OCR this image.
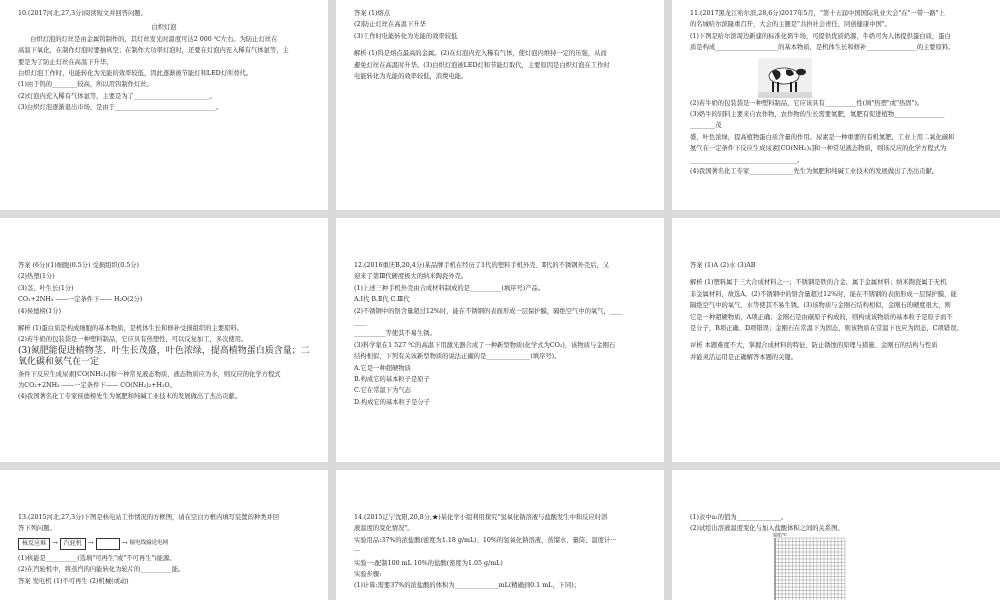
10.(2017河北,27,3分)阅读短文并回答问题。

白炽灯泡

白炽灯泡的灯丝是由金属钨制作的，其灯丝发光时温度可达2 000 ℃左右。为防止灯丝在

高温下氧化，在制作灯泡时要抽真空；在制作大功率灯泡时，还要在灯泡内充入稀有气体氩等，主

要是为了防止灯丝在高温下升华。

白炽灯泡工作时，电能转化为光能的效率较低，因此逐渐被节能灯和LED灯所替代。

(1)由于钨的________较高，所以用钨制作灯丝。

(2)灯泡内充入稀有气体氩等，主要是为了________________________。

(3)白炽灯泡逐渐退出市场，是由于________________________________。

答案 (1)熔点

(2)防止灯丝在高温下升华

(3)工作时电能转化为光能的效率较低

解析 (1)钨是熔点最高的金属。(2)在灯泡内充入稀有气体，使灯泡内维持一定的压强，从而

避免灯丝在高温时升华。(3)白炽灯泡被LED灯和节能灯取代，主要原因是白炽灯泡在工作时

电能转化为光能的效率较低，浪费电能。

11.(2017黑龙江哈尔滨,28,6分)2017年5月，"第十五届中国国际乳业大会"在"一带一路"上

的名城哈尔滨隆重召开，大会的主题是"共担社会责任，同创健康中国"。

(1)下图是哈尔滨周边新建的标准化奶牛场，可提供优质奶源，牛奶可为人体提供蛋白质，蛋白

质是构成____________________的基本物质，是机体生长和修补________________的主要原料。

(2)若牛奶的包装袋是一种塑料制品，它应该具有__________性(填"热塑"或"热固")。

(3)奶牛的饲料主要来自农作物，农作物的生长需要氮肥，氮肥有促进植物________________

________茂

盛，叶色浓绿，提高植物蛋白质含量的作用。尿素是一种重要的有机氮肥，工业上用二氧化碳和

氨气在一定条件下反应生成尿素[CO(NH₂)₂]和一种常见液态物质，则该反应的化学方程式为

__________________________________。

(4)我国著名化工专家______________先生为氮肥和纯碱工业技术的发展做出了杰出贡献。

答案 (6分)(1)细胞(0.5分) 受损组织(0.5分)

(2)热塑(1分)

(3)茎、叶生长(1分)

CO₂+2NH₃ ——一定条件下—— H₂O(2分)

(4)侯德榜(1分)

解析 (1)蛋白质是构成细胞的基本物质，是机体生长和修补受损组织的主要原料。

(2)若牛奶的包装袋是一种塑料制品，它应具有热塑性，可以反复加工，多次使用。

(3)氮肥能促进植物茎、叶生长茂盛，叶色浓绿，提高植物蛋白质含量；二氧化碳和氨气在一定

条件下反应生成尿素[CO(NH₂)₂]和一种常见液态物质，液态物质应为水，则反应的化学方程式

为CO₂+2NH₃ ——一定条件下—— CO(NH₂)₂+H₂O。

(4)我国著名化工专家侯德榜先生为氮肥和纯碱工业技术的发展做出了杰出贡献。

12.(2016重庆B,20,4分)某品牌手机在经历了1代的塑料手机外壳、Ⅱ代的不锈钢外壳后，又

迎来了第Ⅲ代硬度极大的纳米陶瓷外壳。

(1)上述三种手机外壳由合成材料制成的是__________(填序号)产品。

A.Ⅰ代 B.Ⅱ代 C.Ⅲ代

(2)不锈钢中的铬含量超过12%时，能在不锈钢的表面形成一层保护膜，隔绝空气中的氧气，____

____

__________等使其不易生锈。

(3)科学家在1 527 ℃的高温下用激光器合成了一种新型物质(化学式为CO₂)，该物质与金刚石

结构相似，下列有关该新型物质的说法正确的是______________(填序号)。

A.它是一种超硬物质

B.构成它的基本粒子是原子

C.它在常温下为气态

D.构成它的基本粒子是分子

答案 (1)A (2)水 (3)AB

解析 (1)塑料属于三大合成材料之一；不锈钢是铁的合金，属于金属材料；纳米陶瓷属于无机

非金属材料，故选A。(2)不锈钢中的铬含量超过12%时，能在不锈钢的表面形成一层保护膜，能

隔绝空气中的氧气、水等使其不易生锈。(3)该物质与金刚石结构相似，金刚石的硬度很大，则

它是一种超硬物质，A项正确；金刚石是由碳原子构成的，则构成该物质的基本粒子是原子而不

是分子，B项正确、D项错误；金刚石在常温下为固态，则该物质在常温下也应为固态，C项错误。

评析 本题难度不大，掌握合成材料的特征、防止锈蚀的原理与措施、金刚石的结构与性质

并能灵活运用是正确解答本题的关键。

13.(2015河北,27,3分)下图是核电站工作情况的方框图，请在空白方框内填写装置的种类并回

答下列问题。

核反应堆 →	汽轮机 →	→ 输电线输送电网

(1)核能是__________(选填"可再生"或"不可再生")能源。

(2)在汽轮机中，将蒸汽的内能转化为轮片的__________能。

答案 发电机 (1)不可再生 (2)机械(或动)

14.(2015辽宁沈阳,20,8分,★)某化学小组利用探究"氢氧化钠溶液与盐酸发生中和反应时溶

液温度的变化情况"。

实验用品:37%的浓盐酸(密度为1.18 g/mL)、10%的氢氧化钠溶液、蒸馏水、量筒、温度计···

···

实验一:配制100 mL 10%的盐酸(密度为1.05 g/mL)

实验步骤:

(1)计算:需要37%的浓盐酸的体积为______________mL(精确到0.1 mL，下同)；

(1)表中a₁的值为______________。

(2)试绘出溶液温度变化与加入盐酸体积之间的关系图。

温度/℃
